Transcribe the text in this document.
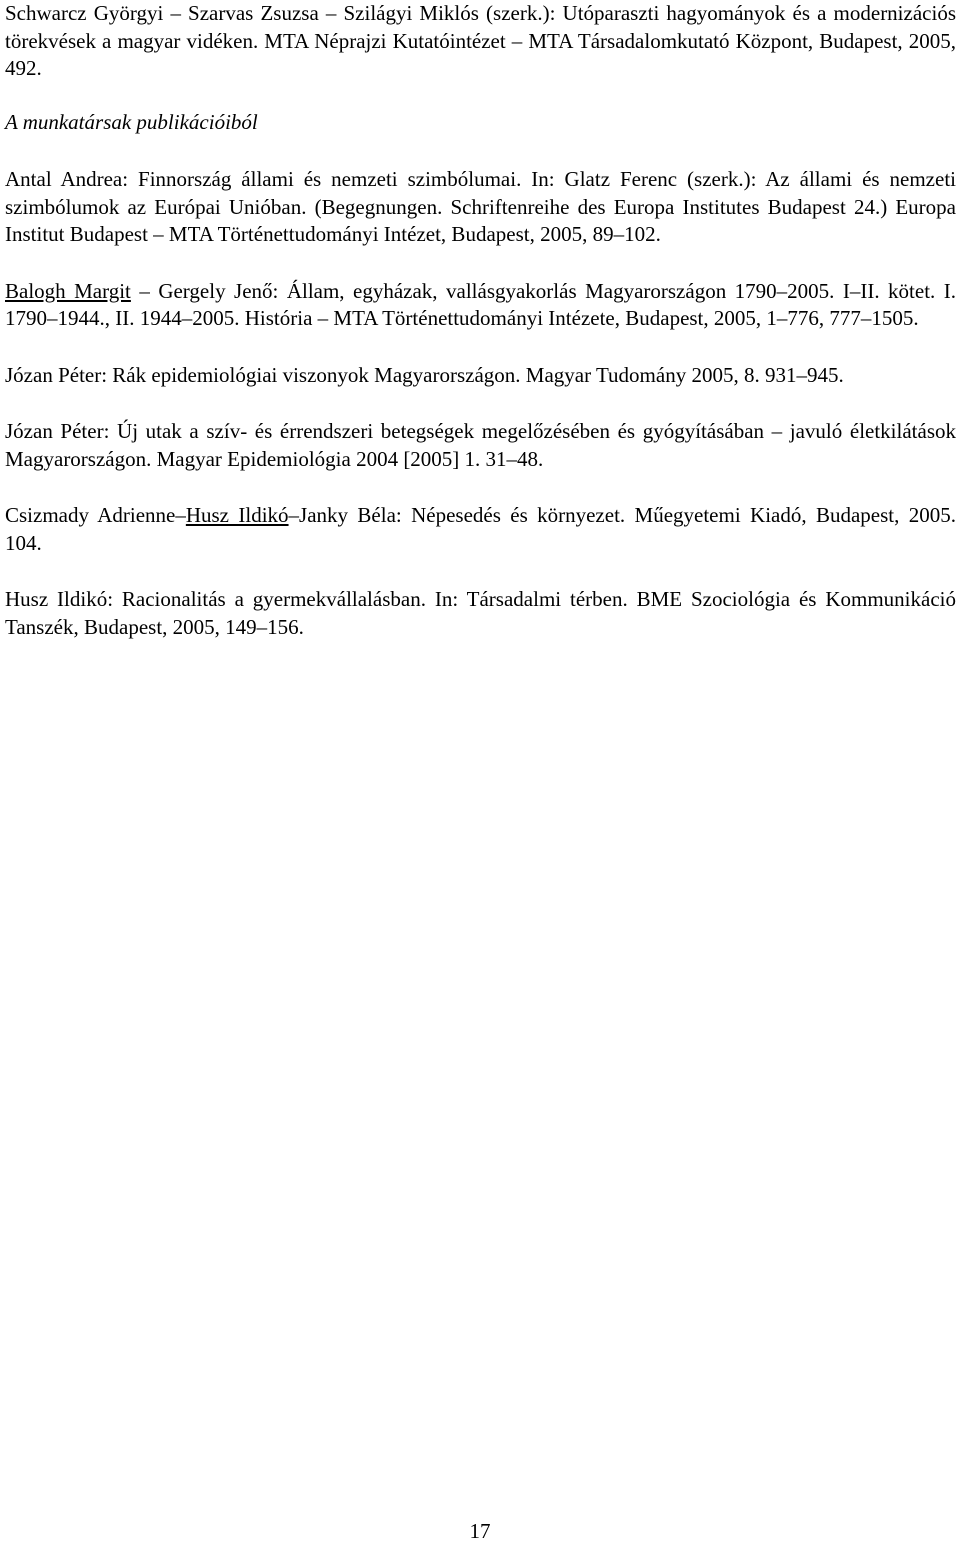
Schwarcz Györgyi – Szarvas Zsuzsa – Szilágyi Miklós (szerk.): Utóparaszti hagyományok és a modernizációs törekvések a magyar vidéken. MTA Néprajzi Kutatóintézet – MTA Társadalomkutató Központ, Budapest, 2005, 492.

A munkatársak publikációiból

Antal Andrea: Finnország állami és nemzeti szimbólumai. In: Glatz Ferenc (szerk.): Az állami és nemzeti szimbólumok az Európai Unióban. (Begegnungen. Schriftenreihe des Europa Institutes Budapest 24.) Europa Institut Budapest – MTA Történettudományi Intézet, Budapest, 2005, 89–102.

Balogh Margit – Gergely Jenő: Állam, egyházak, vallásgyakorlás Magyarországon 1790–2005. I–II. kötet. I. 1790–1944., II. 1944–2005. História – MTA Történettudományi Intézete, Budapest, 2005, 1–776, 777–1505.

Józan Péter: Rák epidemiológiai viszonyok Magyarországon. Magyar Tudomány 2005, 8. 931–945.

Józan Péter: Új utak a szív- és érrendszeri betegségek megelőzésében és gyógyításában – javuló életkilátások Magyarországon. Magyar Epidemiológia 2004 [2005] 1. 31–48.

Csizmady Adrienne–Husz Ildikó–Janky Béla: Népesedés és környezet. Műegyetemi Kiadó, Budapest, 2005. 104.

Husz Ildikó: Racionalitás a gyermekvállalásban. In: Társadalmi térben. BME Szociológia és Kommunikáció Tanszék, Budapest, 2005, 149–156.

17
